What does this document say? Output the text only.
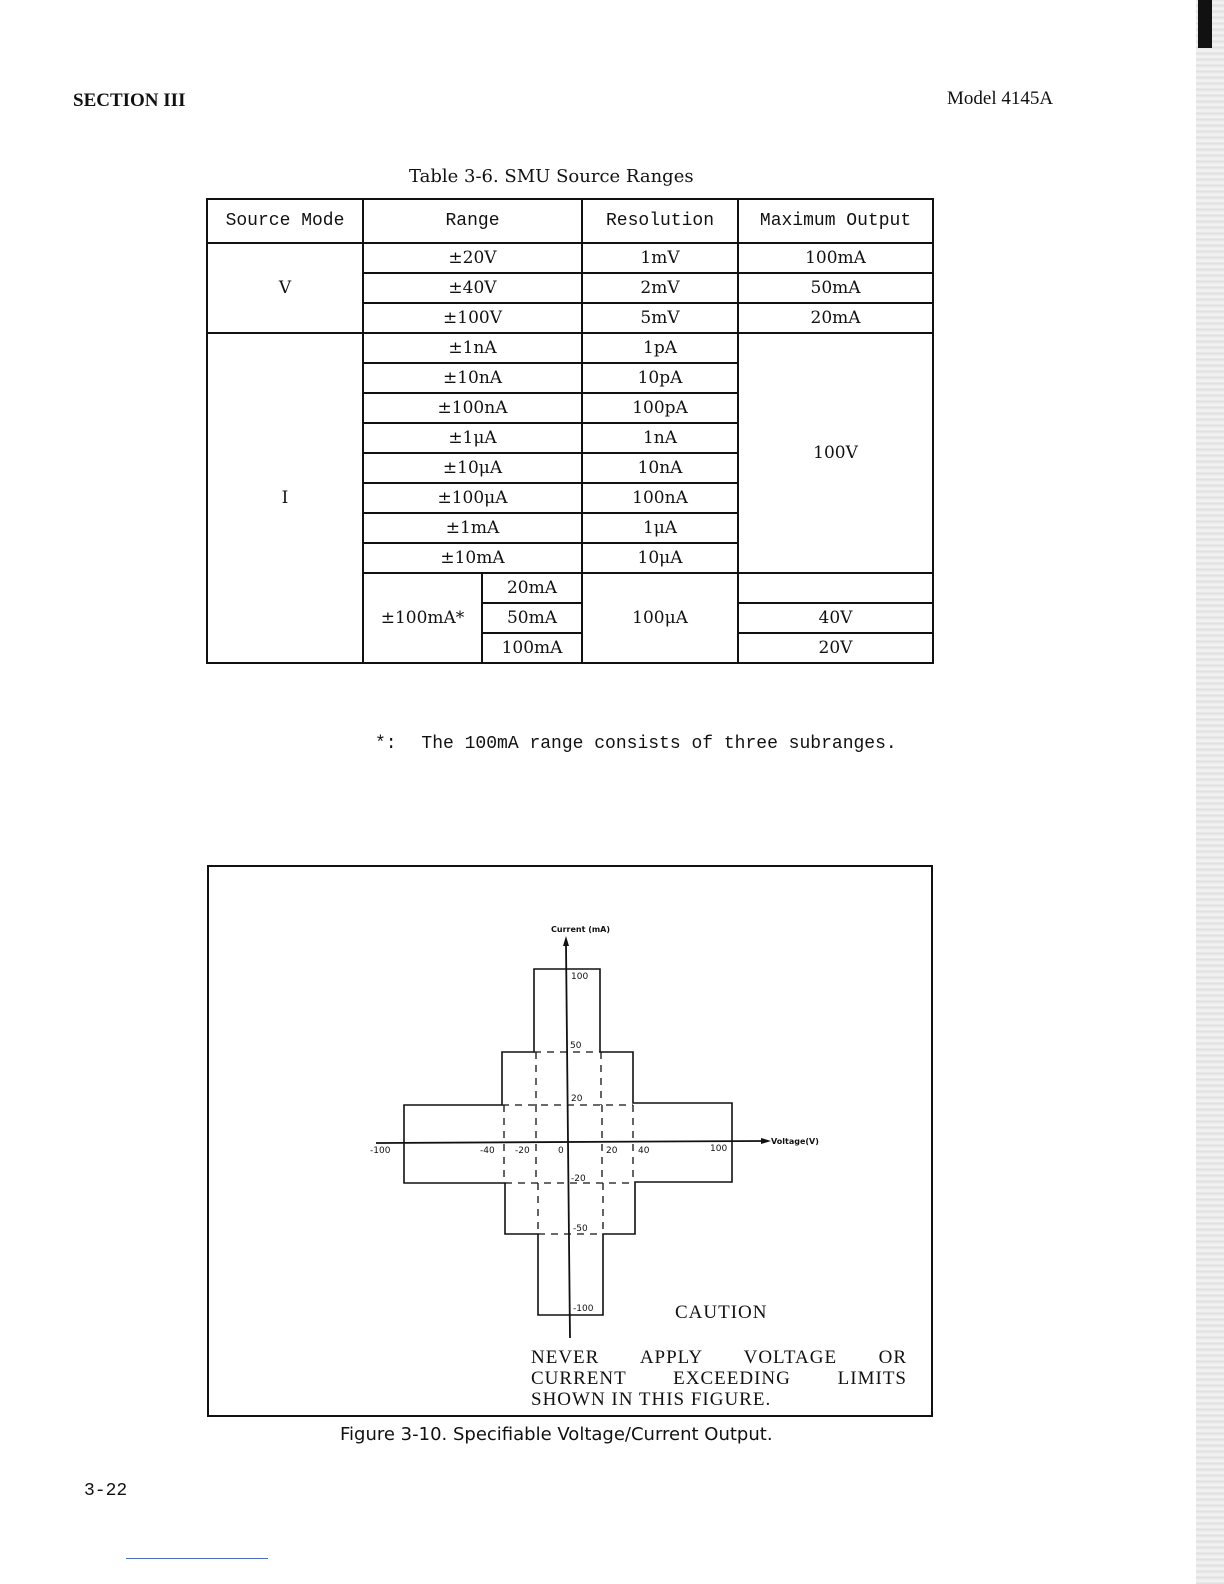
SECTION III	Model 4145A
Table 3-6. SMU Source Ranges
Source Mode	Range		Resolution	Maximum Output
V	±20V		1mV	100mA
	±40V		2mV	50mA
	±100V		5mV	20mA
I	±1nA		1pA	100V
	±10nA		10pA	
	±100nA		100pA	
	±1μA		1nA	
	±10μA		10nA	
	±100μA		100nA	
	±1mA		1μA	
	±10mA		10μA	
	±100mA*	20mA	100μA	
		50mA		40V
		100mA		20V
*: The 100mA range consists of three subranges.
Current (mA)
Voltage(V)
100
50
20
-20
-50
-100
-100	-40 -20	0	20 40	100
CAUTION
NEVER APPLY VOLTAGE OR
CURRENT EXCEEDING LIMITS
SHOWN IN THIS FIGURE.
Figure 3-10. Specifiable Voltage/Current Output.
3-22
